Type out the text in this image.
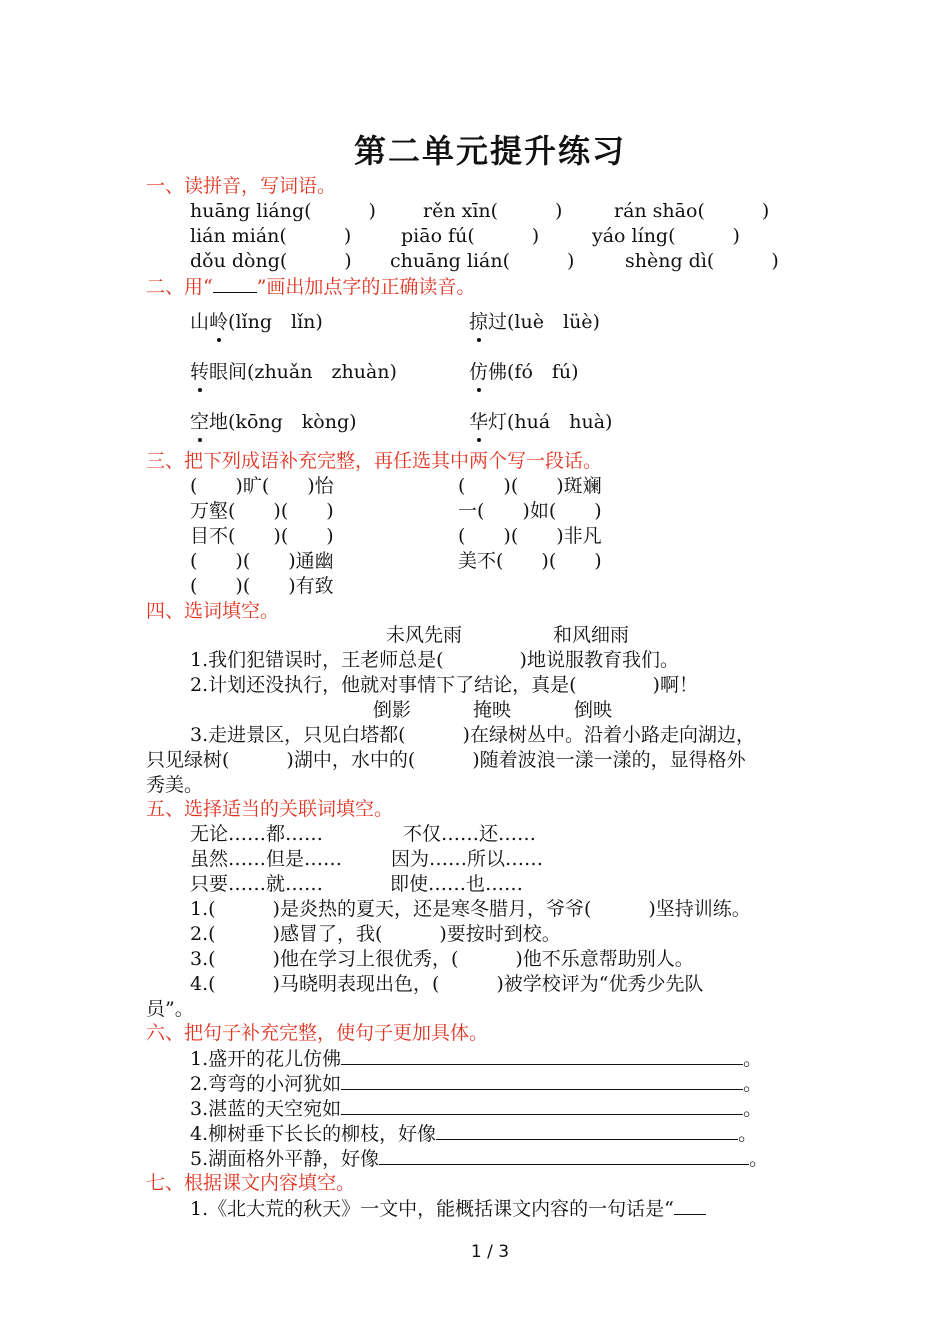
第二单元提升练习
一、读拼音，写词语。
huāng liáng(　　　) rěn xīn(　　　)	rán shāo(　　　)
lián mián(　　　)	piāo fú(　　　)	yáo líng(　　　)
dǒu dòng(　　　) chuāng lián(　　　)	shèng dì(　　　)
二、用“ ”画出加点字的正确读音。
山岭(lǐng　lǐn)	掠过(luè　lüè)
转眼间(zhuǎn　zhuàn)	仿佛(fó　fú)
空地(kōng　kòng)	华灯(huá　huà)
三、把下列成语补充完整，再任选其中两个写一段话。
(　　)旷(　　)怡	(　　)(　　)斑斓
万壑(　　)(　　)	一(　　)如(　　)
目不(　　)(　　)	(　　)(　　)非凡
(　　)(　　)通幽	美不(　　)(　　)
(　　)(　　)有致
四、选词填空。
未风先雨	和风细雨
1.我们犯错误时，王老师总是(　　　　)地说服教育我们。
2.计划还没执行，他就对事情下了结论，真是(　　　　)啊！
倒影	掩映	倒映
3.走进景区，只见白塔都(　　　)在绿树丛中。沿着小路走向湖边，
只见绿树(　　　)湖中，水中的(　　　)随着波浪一漾一漾的，显得格外
秀美。
五、选择适当的关联词填空。
无论……都……	不仅……还……
虽然……但是……	因为……所以……
只要……就……	即使……也……
1.(　　　)是炎热的夏天，还是寒冬腊月，爷爷(　　　)坚持训练。
2.(　　　)感冒了，我(　　　)要按时到校。
3.(　　　)他在学习上很优秀，(　　　)他不乐意帮助别人。
4.(　　　)马晓明表现出色，(　　　)被学校评为“优秀少先队
员”。
六、把句子补充完整，使句子更加具体。
1.盛开的花儿仿佛	。
2.弯弯的小河犹如	。
3.湛蓝的天空宛如	。
4.柳树垂下长长的柳枝，好像	。
5.湖面格外平静，好像	。
七、根据课文内容填空。
1.《北大荒的秋天》一文中，能概括课文内容的一句话是“
1 / 3
